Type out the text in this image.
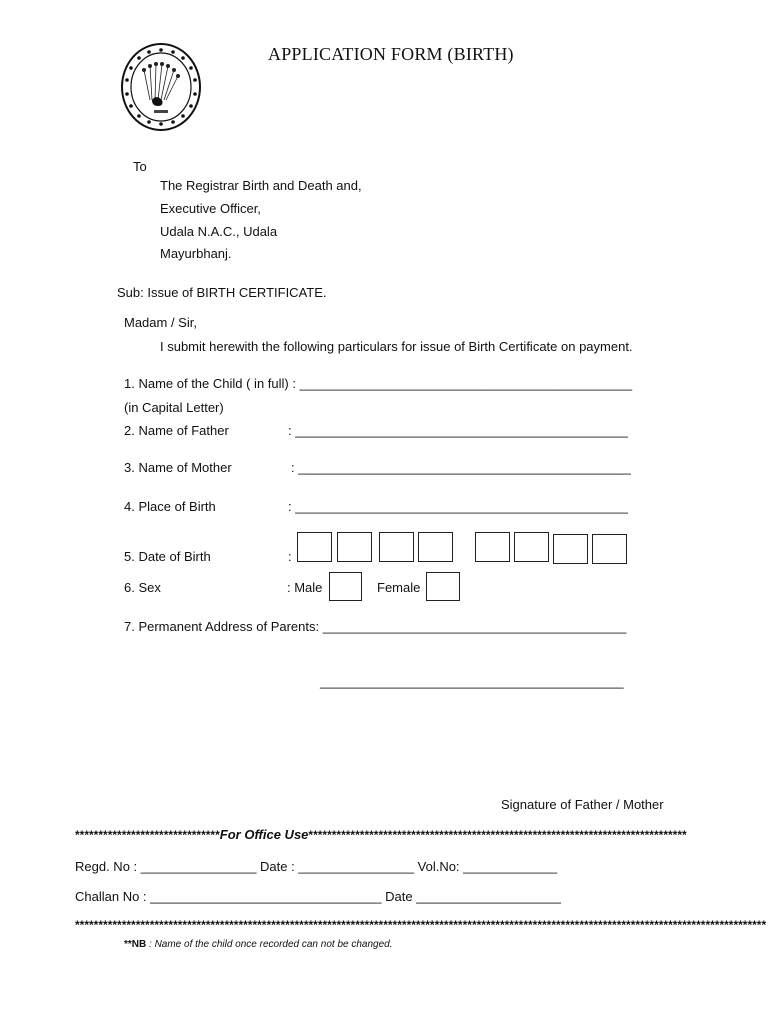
APPLICATION FORM (BIRTH)
To
The Registrar Birth and Death and,
Executive Officer,
Udala N.A.C., Udala
Mayurbhanj.
Sub: Issue of BIRTH CERTIFICATE.
Madam / Sir,
I submit herewith the following particulars for issue of Birth Certificate on payment.
1. Name of the Child ( in full) : ______________________________________________
(in Capital Letter)
2. Name of Father	: ______________________________________________
3. Name of Mother	: ______________________________________________
4. Place of Birth	: ______________________________________________
5. Date of Birth	:
6. Sex	: Male	Female
7. Permanent Address of Parents: __________________________________________
__________________________________________
Signature of Father / Mother
*******************************For Office Use*********************************************************************************
Regd. No : ________________ Date : ________________ Vol.No: _____________
Challan No : ________________________________ Date ____________________
****************************************************************************************************************************************************
**NB : Name of the child once recorded can not be changed.
